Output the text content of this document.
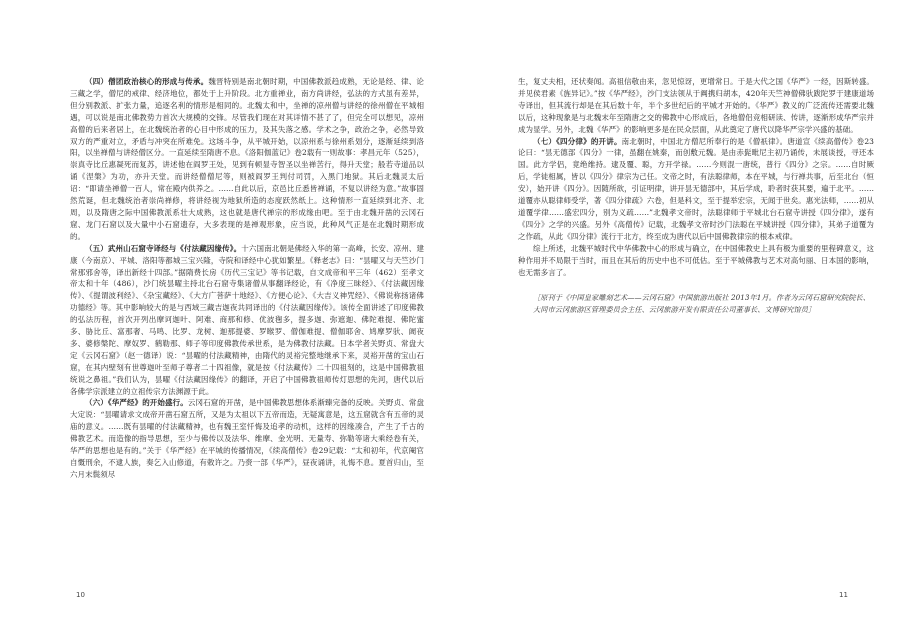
（四）僧团政治核心的形成与传承。魏晋特别是南北朝时期，中国佛教派趋成熟，无论是经、律、论三藏之学，僧尼的戒律、经济地位，都处于上升阶段。北方重禅业，南方尚讲经，弘法的方式虽有差异，但分别教派、扩张力量，追逐名利的情形是相同的。北魏太和中，坐禅的凉州僧与讲经的徐州僧在平城相遇，可以说是南北佛教势力首次大规模的交锋。尽管我们现在对其详情不甚了了，但完全可以想见，凉州高僧的后来者居上，在北魏统治者的心目中形成的压力，及其失落之感。学术之争，政治之争，必然导致双方的严重对立，矛盾与冲突在所难免。这场斗争，从平城开始，以凉州系与徐州系划分，逐渐延续到洛阳，以坐禅僧与讲经僧区分。一直延续至隋唐不息。《洛阳伽蓝记》卷2载有一则故事：孝昌元年（525），崇真寺比丘惠凝死而复苏，讲述他在阎罗王处，见到有顿显寺智圣以坐禅苦行，得升天堂；般若寺道品以诵《涅槃》为功，亦升天堂。而讲经僧僧尼等，则被阎罗王判付司罚，入黑门地狱。其后北魏灵太后诏：“即请坐禅僧一百人，常在殿内供养之。……自此以后，京邑比丘悉皆禅诵，不复以讲经为意。”故事固然荒诞，但北魏统治者崇尚禅修，将讲经视为地狱所造的态度跃然纸上。这种情形一直延续到北齐、北周，以及隋唐之际中国佛教派系壮大成熟，这也就是唐代禅宗的形成缘由吧。至于由北魏开凿的云冈石窟、龙门石窟以及大量中小石窟遗存，大多表现的是禅观形象，应当说，此种风气正是在北魏时期形成的。

（五）武州山石窟寺译经与《付法藏因缘传》。十六国南北朝是佛经入华的第一高峰，长安、凉州、建康（今南京）、平城、洛阳等都城三宝兴隆，寺院和译经中心犹如繁星。《释老志》曰：“昙曜又与天竺沙门常那邪舍等，译出新经十四部。”据隋费长房《历代三宝记》等书记载，自文成帝和平三年（462）至孝文帝太和十年（486），沙门统昙曜主持北台石窟寺集诸僧从事翻译经论，有《净度三昧经》、《付法藏因缘传》、《提谓波利经》、《杂宝藏经》、《大方广菩萨十地经》、《方便心论》、《大吉义神咒经》、《佛说称扬诸佛功德经》等。其中影响较大的是与西域三藏吉迦夜共同译出的《付法藏因缘传》。该传全面讲述了印度佛教的弘法历程，首次开列出摩诃迦叶、阿难、商那和修、优波毱多，提多迦、弥遮迦、佛陀难提、佛陀蜜多、胁比丘、富那奢、马鸣、比罗、龙树、迦那提婆、罗睺罗、僧伽难提、僧伽耶舍、鸠摩罗驮、阇夜多、婆修槃陀、摩奴罗、鹤勒那、师子等印度佛教传承世系，是为佛教付法藏。日本学者关野贞、常盘大定《云冈石窟》（赵一德译）说：“昙曜的付法藏精神，由隋代的灵裕完整地继承下来，灵裕开凿的宝山石窟，在其内壁刻有世尊迦叶至师子尊者二十四祖像，就是按《付法藏传》二十四祖刻的，这是中国佛教祖统说之鼻祖。”我们认为，昙曜《付法藏因缘传》的翻译，开启了中国佛教祖师传灯思想的先河，唐代以后各佛学宗派建立的立祖传宗方法渊源于此。

（六）《华严经》的开始盛行。云冈石窟的开凿，是中国佛教思想体系渐臻完备的反映。关野贞、常盘大定说：“昙曜请求文成帝开凿石窟五所，又是为太祖以下五帝而造，无疑寓意是，这五窟就含有五帝的灵庙的意义。……既有昙曜的付法藏精神，也有魏王室忏悔及追孝的动机，这样的因缘凑合，产生了千古的佛教艺术。而造像的指导思想，至少与佛传以及法华、维摩、金光明、无量寿、弥勒等诸大乘经卷有关，华严的思想也是有的。”关于《华严经》在平城的传播情况，《续高僧传》卷29记载：“太和初年，代京阉官自慨刑余，不逮人族，奏乞入山修道，有敕许之。乃赍一部《华严》，昼夜诵讲，礼悔不息。夏首归山，至六月末鬓须尽

10

生，复丈夫相，还状奏闻。高祖信敬由来，忽见惊讶，更增常日。于是大代之国《华严》一经，因斯转盛。并见侯君素《旌异记》。”按《华严经》，沙门支法领从于阗携归胡本，420年天竺神僧佛驮跋陀罗于建康道场寺译出，但其流行却是在其后数十年，半个多世纪后的平城才开始的。《华严》教义的广泛流传还需要北魏以后，这种现象是与北魏末年至隋唐之交的佛教中心形成后，各地僧侣竞相研读、传讲，逐渐形成华严宗并成为显学。另外，北魏《华严》的影响更多是在民众层面，从此奠定了唐代以降华严宗学兴盛的基础。

（七）《四分律》的开讲。南北朝时，中国北方僧尼所奉行的是《僧祇律》。唐道宣《续高僧传》卷23论曰：“昙无德部《四分》一律，虽翻在姚秦，而创敷元魏。是由赤髭毗尼主初乃诵传，未展谈授，寻还本国。此方学侣，竟绝维持。逮及覆、聪，方开学禄。……今则混一唐统，普行《四分》之宗。……自时厥后，学徒相属，皆以《四分》律宗为己任。文帝之时，有法聪律师，本在平城，与行禅共事，后至北台（恒安），始开讲《四分》。因随所欲，引证明律，讲开昙无德部中，其后学成，聆者时获其要，遍于北平。……道覆亦从聪律师受学，著《四分律疏》六卷，但是科文，至于提举宏宗，无闻于世矣。惠光法师，……初从道覆学律……盛宏四分，别为义疏……”北魏孝文帝时，法聪律师于平城北台石窟寺讲授《四分律》，遂有《四分》之学的兴盛。另外《高僧传》记载，北魏孝文帝时沙门法聪在平城讲授《四分律》，其弟子道覆为之作疏，从此《四分律》流行于北方，终至成为唐代以后中国佛教律宗的根本戒律。

综上所述，北魏平城时代中华佛教中心的形成与确立，在中国佛教史上具有极为重要的里程碑意义，这种作用并不局限于当时，而且在其后的历史中也不可低估。至于平城佛教与艺术对高句丽、日本国的影响，也无需多言了。

［原刊于《中国皇家雕刻艺术——云冈石窟》中国旅游出版社 2013年1月。作者为云冈石窟研究院院长、大同市云冈旅游区管理委员会主任、云冈旅游开发有限责任公司董事长、文博研究馆员］
11
